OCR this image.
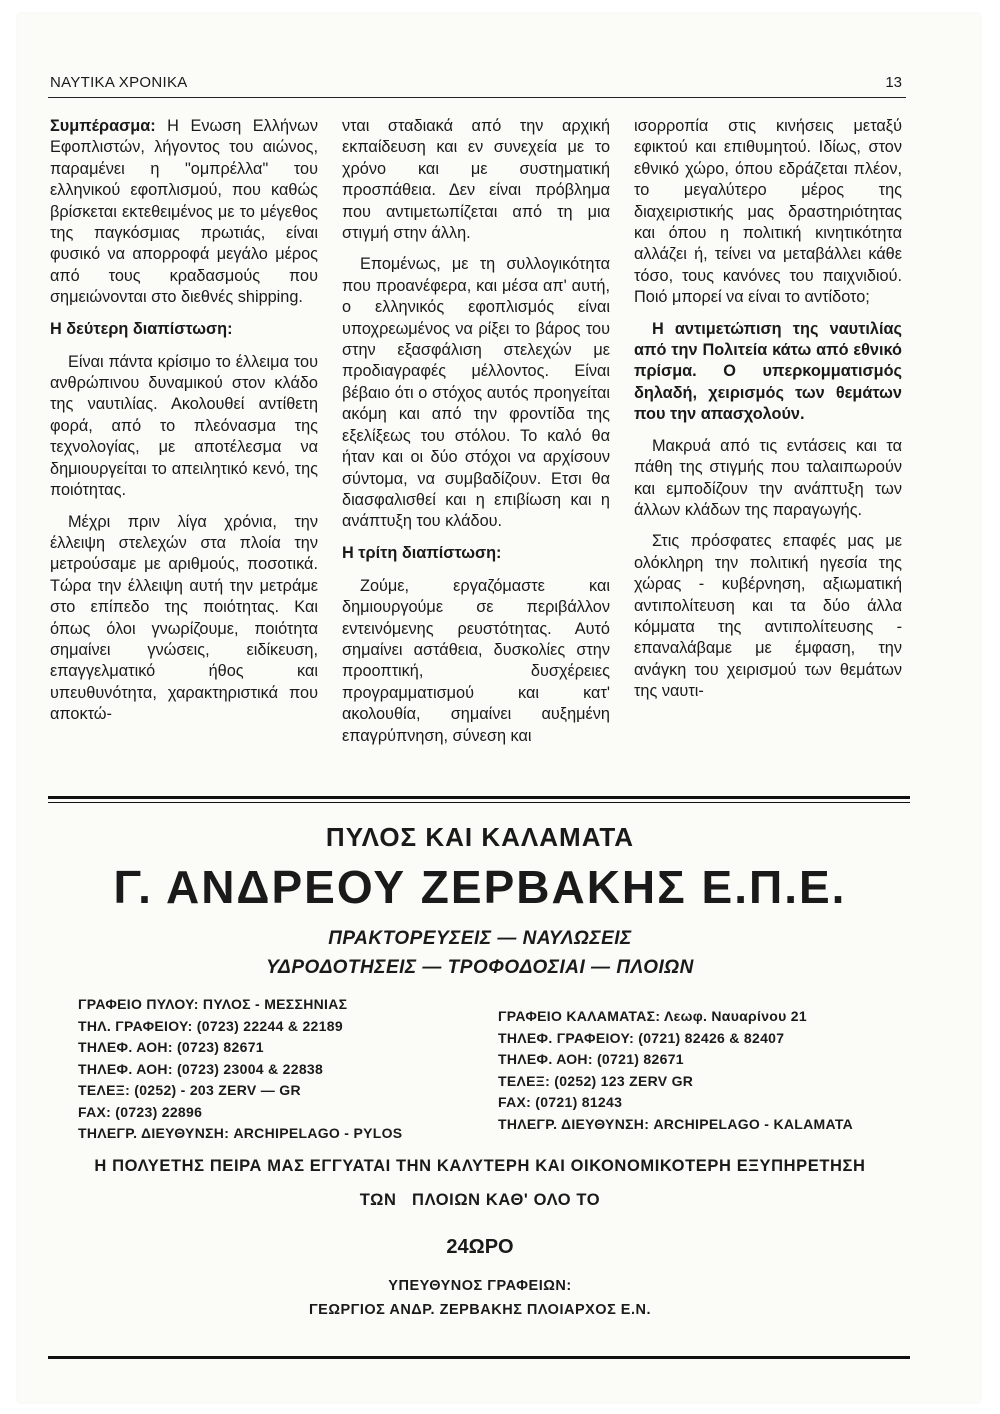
ΝΑΥΤΙΚΑ ΧΡΟΝΙΚΑ	13

Συμπέρασμα: Η Ενωση Ελλήνων Εφοπλιστών, λήγοντος του αιώνος, παραμένει η "ομπρέλλα" του ελληνικού εφοπλισμού, που καθώς βρίσκεται εκτεθειμένος με το μέγεθος της παγκόσμιας πρωτιάς, είναι φυσικό να απορροφά μεγάλο μέρος από τους κραδασμούς που σημειώνονται στο διεθνές shipping.

Η δεύτερη διαπίστωση:

Είναι πάντα κρίσιμο το έλλειμα του ανθρώπινου δυναμικού στον κλάδο της ναυτιλίας. Ακολουθεί αντίθετη φορά, από το πλεόνασμα της τεχνολογίας, με αποτέλεσμα να δημιουργείται το απειλητικό κενό, της ποιότητας.

Μέχρι πριν λίγα χρόνια, την έλλειψη στελεχών στα πλοία την μετρούσαμε με αριθμούς, ποσοτικά. Τώρα την έλλειψη αυτή την μετράμε στο επίπεδο της ποιότητας. Και όπως όλοι γνωρίζουμε, ποιότητα σημαίνει γνώσεις, ειδίκευση, επαγγελματικό ήθος και υπευθυνότητα, χαρακτηριστικά που αποκτώ-

νται σταδιακά από την αρχική εκπαίδευση και εν συνεχεία με το χρόνο και με συστηματική προσπάθεια. Δεν είναι πρόβλημα που αντιμετωπίζεται από τη μια στιγμή στην άλλη.

Επομένως, με τη συλλογικότητα που προανέφερα, και μέσα απ' αυτή, ο ελληνικός εφοπλισμός είναι υποχρεωμένος να ρίξει το βάρος του στην εξασφάλιση στελεχών με προδιαγραφές μέλλοντος. Είναι βέβαιο ότι ο στόχος αυτός προηγείται ακόμη και από την φροντίδα της εξελίξεως του στόλου. Το καλό θα ήταν και οι δύο στόχοι να αρχίσουν σύντομα, να συμβαδίζουν. Ετσι θα διασφαλισθεί και η επιβίωση και η ανάπτυξη του κλάδου.

Η τρίτη διαπίστωση:

Ζούμε, εργαζόμαστε και δημιουργούμε σε περιβάλλον εντεινόμενης ρευστότητας. Αυτό σημαίνει αστάθεια, δυσκολίες στην προοπτική, δυσχέρειες προγραμματισμού και κατ' ακολουθία, σημαίνει αυξημένη επαγρύπνηση, σύνεση και

ισορροπία στις κινήσεις μεταξύ εφικτού και επιθυμητού. Ιδίως, στον εθνικό χώρο, όπου εδράζεται πλέον, το μεγαλύτερο μέρος της διαχειριστικής μας δραστηριότητας και όπου η πολιτική κινητικότητα αλλάζει ή, τείνει να μεταβάλλει κάθε τόσο, τους κανόνες του παιχνιδιού. Ποιό μπορεί να είναι το αντίδοτο;

Η αντιμετώπιση της ναυτιλίας από την Πολιτεία κάτω από εθνικό πρίσμα. Ο υπερκομματισμός δηλαδή, χειρισμός των θεμάτων που την απασχολούν.

Μακρυά από τις εντάσεις και τα πάθη της στιγμής που ταλαιπωρούν και εμποδίζουν την ανάπτυξη των άλλων κλάδων της παραγωγής.

Στις πρόσφατες επαφές μας με ολόκληρη την πολιτική ηγεσία της χώρας - κυβέρνηση, αξιωματική αντιπολίτευση και τα δύο άλλα κόμματα της αντιπολίτευσης - επαναλάβαμε με έμφαση, την ανάγκη του χειρισμού των θεμάτων της ναυτι-

ΠΥΛΟΣ ΚΑΙ ΚΑΛΑΜΑΤΑ
Γ. ΑΝΔΡΕΟΥ ΖΕΡΒΑΚΗΣ Ε.Π.Ε.
ΠΡΑΚΤΟΡΕΥΣΕΙΣ — ΝΑΥΛΩΣΕΙΣ
ΥΔΡΟΔΟΤΗΣΕΙΣ — ΤΡΟΦΟΔΟΣΙΑΙ — ΠΛΟΙΩΝ
ΓΡΑΦΕΙΟ ΠΥΛΟΥ: ΠΥΛΟΣ - ΜΕΣΣΗΝΙΑΣ
ΤΗΛ. ΓΡΑΦΕΙΟΥ: (0723) 22244 & 22189
ΤΗΛΕΦ. ΑΟΗ: (0723) 82671
ΤΗΛΕΦ. ΑΟΗ: (0723) 23004 & 22838
ΤΕΛΕΞ: (0252) - 203 ZERV — GR
FAX: (0723) 22896
ΤΗΛΕΓΡ. ΔΙΕΥΘΥΝΣΗ: ARCHIPELAGO - PYLOS
ΓΡΑΦΕΙΟ ΚΑΛΑΜΑΤΑΣ: Λεωφ. Ναυαρίνου 21
ΤΗΛΕΦ. ΓΡΑΦΕΙΟΥ: (0721) 82426 & 82407
ΤΗΛΕΦ. ΑΟΗ: (0721) 82671
ΤΕΛΕΞ: (0252) 123 ZERV GR
FAX: (0721) 81243
ΤΗΛΕΓΡ. ΔΙΕΥΘΥΝΣΗ: ARCHIPELAGO - KALAMATA
Η ΠΟΛΥΕΤΗΣ ΠΕΙΡΑ ΜΑΣ ΕΓΓΥΑΤΑΙ ΤΗΝ ΚΑΛΥΤΕΡΗ ΚΑΙ ΟΙΚΟΝΟΜΙΚΟΤΕΡΗ ΕΞΥΠΗΡΕΤΗΣΗ
ΤΩΝ   ΠΛΟΙΩΝ ΚΑΘ' ΟΛΟ ΤΟ
24ΩΡΟ
ΥΠΕΥΘΥΝΟΣ ΓΡΑΦΕΙΩΝ:
ΓΕΩΡΓΙΟΣ ΑΝΔΡ. ΖΕΡΒΑΚΗΣ ΠΛΟΙΑΡΧΟΣ Ε.Ν.
